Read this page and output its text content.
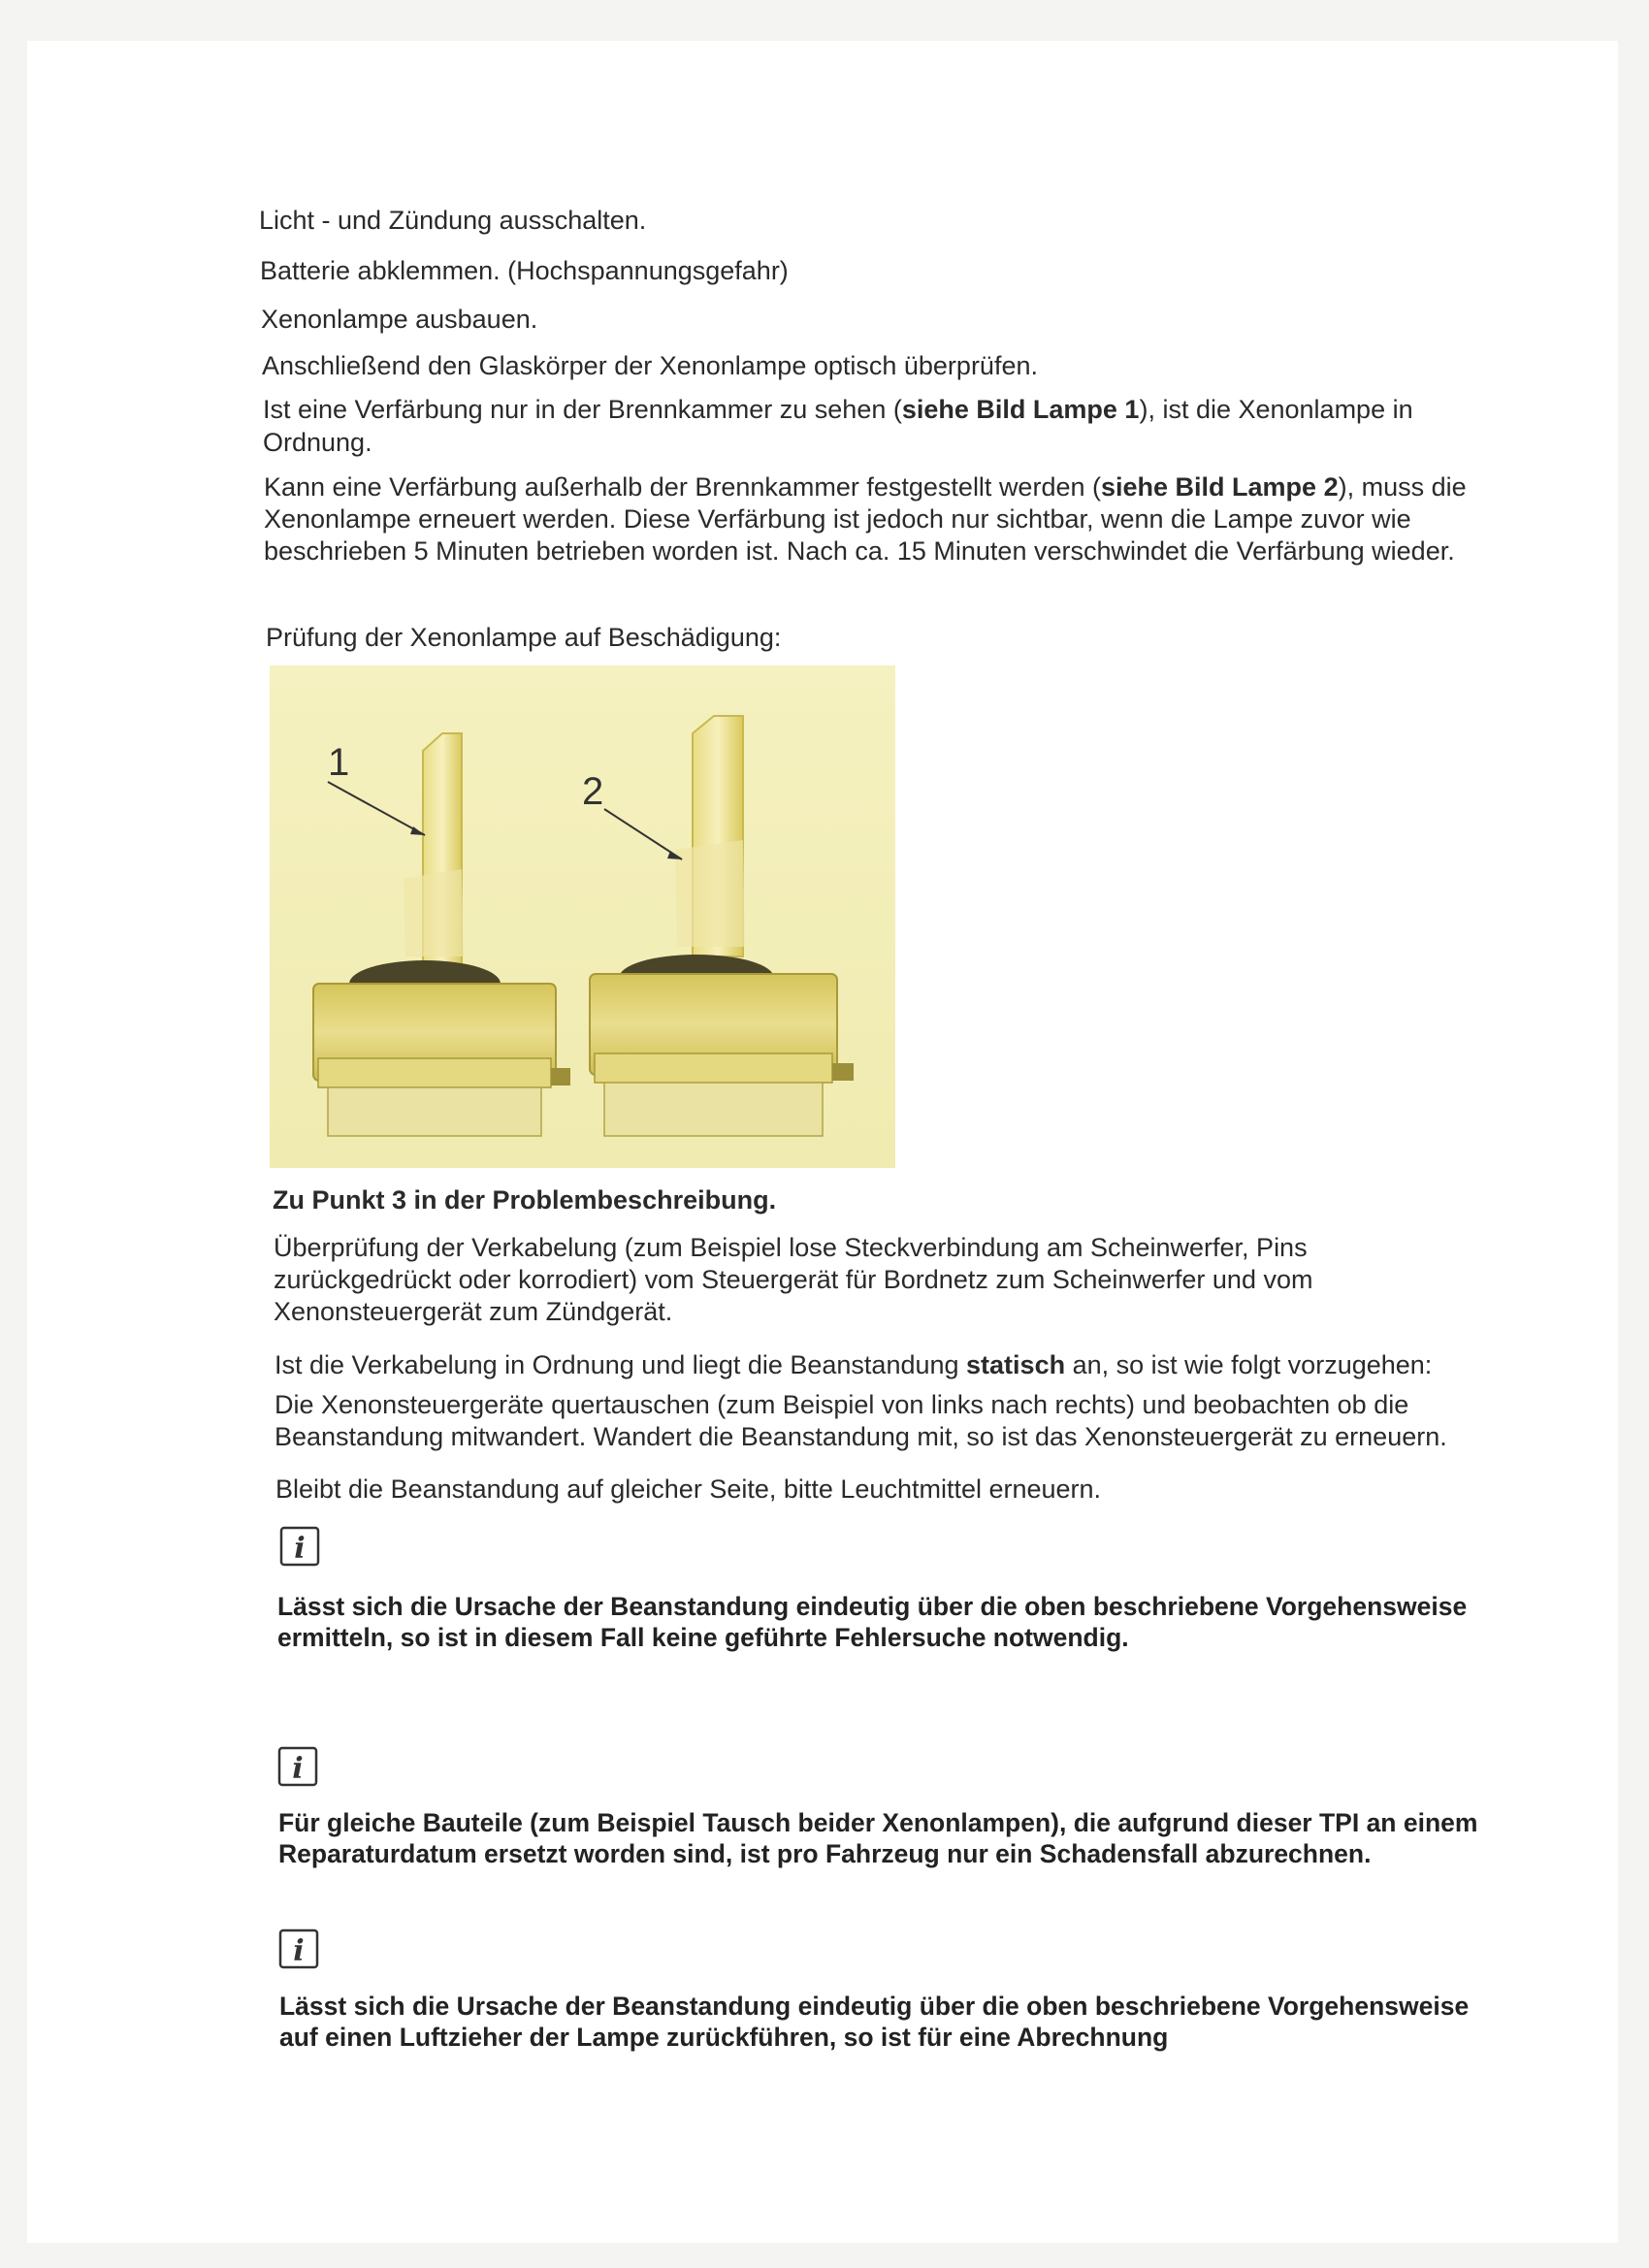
Licht - und Zündung ausschalten.

Batterie abklemmen. (Hochspannungsgefahr)

Xenonlampe ausbauen.

Anschließend den Glaskörper der Xenonlampe optisch überprüfen.

Ist eine Verfärbung nur in der Brennkammer zu sehen (siehe Bild Lampe 1), ist die Xenonlampe in Ordnung.

Kann eine Verfärbung außerhalb der Brennkammer festgestellt werden (siehe Bild Lampe 2), muss die Xenonlampe erneuert werden. Diese Verfärbung ist jedoch nur sichtbar, wenn die Lampe zuvor wie beschrieben 5 Minuten betrieben worden ist. Nach ca. 15 Minuten verschwindet die Verfärbung wieder.

Prüfung der Xenonlampe auf Beschädigung:

1
2

Zu Punkt 3 in der Problembeschreibung.

Überprüfung der Verkabelung (zum Beispiel lose Steckverbindung am Scheinwerfer, Pins zurückgedrückt oder korrodiert) vom Steuergerät für Bordnetz zum Scheinwerfer und vom Xenonsteuergerät zum Zündgerät.

Ist die Verkabelung in Ordnung und liegt die Beanstandung statisch an, so ist wie folgt vorzugehen:

Die Xenonsteuergeräte quertauschen (zum Beispiel von links nach rechts) und beobachten ob die Beanstandung mitwandert. Wandert die Beanstandung mit, so ist das Xenonsteuergerät zu erneuern.

Bleibt die Beanstandung auf gleicher Seite, bitte Leuchtmittel erneuern.

i

Lässt sich die Ursache der Beanstandung eindeutig über die oben beschriebene Vorgehensweise ermitteln, so ist in diesem Fall keine geführte Fehlersuche notwendig.

i

Für gleiche Bauteile (zum Beispiel Tausch beider Xenonlampen), die aufgrund dieser TPI an einem Reparaturdatum ersetzt worden sind, ist pro Fahrzeug nur ein Schadensfall abzurechnen.

i

Lässt sich die Ursache der Beanstandung eindeutig über die oben beschriebene Vorgehensweise auf einen Luftzieher der Lampe zurückführen, so ist für eine Abrechnung
